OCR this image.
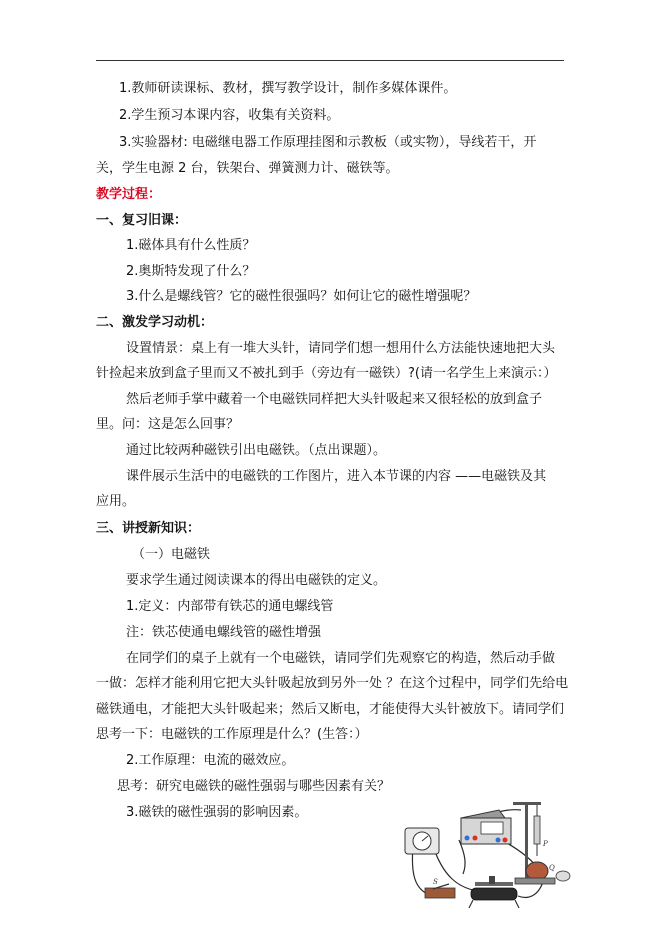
1.教师研读课标、教材，撰写教学设计，制作多媒体课件。
2.学生预习本课内容，收集有关资料。
3.实验器材: 电磁继电器工作原理挂图和示教板（或实物），导线若干，开
关，学生电源 2 台，铁架台、弹簧测力计、磁铁等。
教学过程：
一、复习旧课：
1.磁体具有什么性质？
2.奥斯特发现了什么？
3.什么是螺线管？它的磁性很强吗？如何让它的磁性增强呢？
二、激发学习动机：
设置情景：桌上有一堆大头针，请同学们想一想用什么方法能快速地把大头
针捡起来放到盒子里而又不被扎到手（旁边有一磁铁）?(请一名学生上来演示：）
然后老师手掌中藏着一个电磁铁同样把大头针吸起来又很轻松的放到盒子
里。问：这是怎么回事？
通过比较两种磁铁引出电磁铁。（点出课题）。
课件展示生活中的电磁铁的工作图片，进入本节课的内容 ——电磁铁及其
应用。
三、讲授新知识：
（一）电磁铁
要求学生通过阅读课本的得出电磁铁的定义。
1.定义：内部带有铁芯的通电螺线管
注：铁芯使通电螺线管的磁性增强
在同学们的桌子上就有一个电磁铁，请同学们先观察它的构造，然后动手做
一做：怎样才能利用它把大头针吸起放到另外一处 ？在这个过程中，同学们先给电
磁铁通电，才能把大头针吸起来；然后又断电，才能使得大头针被放下。请同学们
思考一下：电磁铁的工作原理是什么？(生答：）
2.工作原理：电流的磁效应。
思考：研究电磁铁的磁性强弱与哪些因素有关？
3.磁铁的磁性强弱的影响因素。
P
Q
S
